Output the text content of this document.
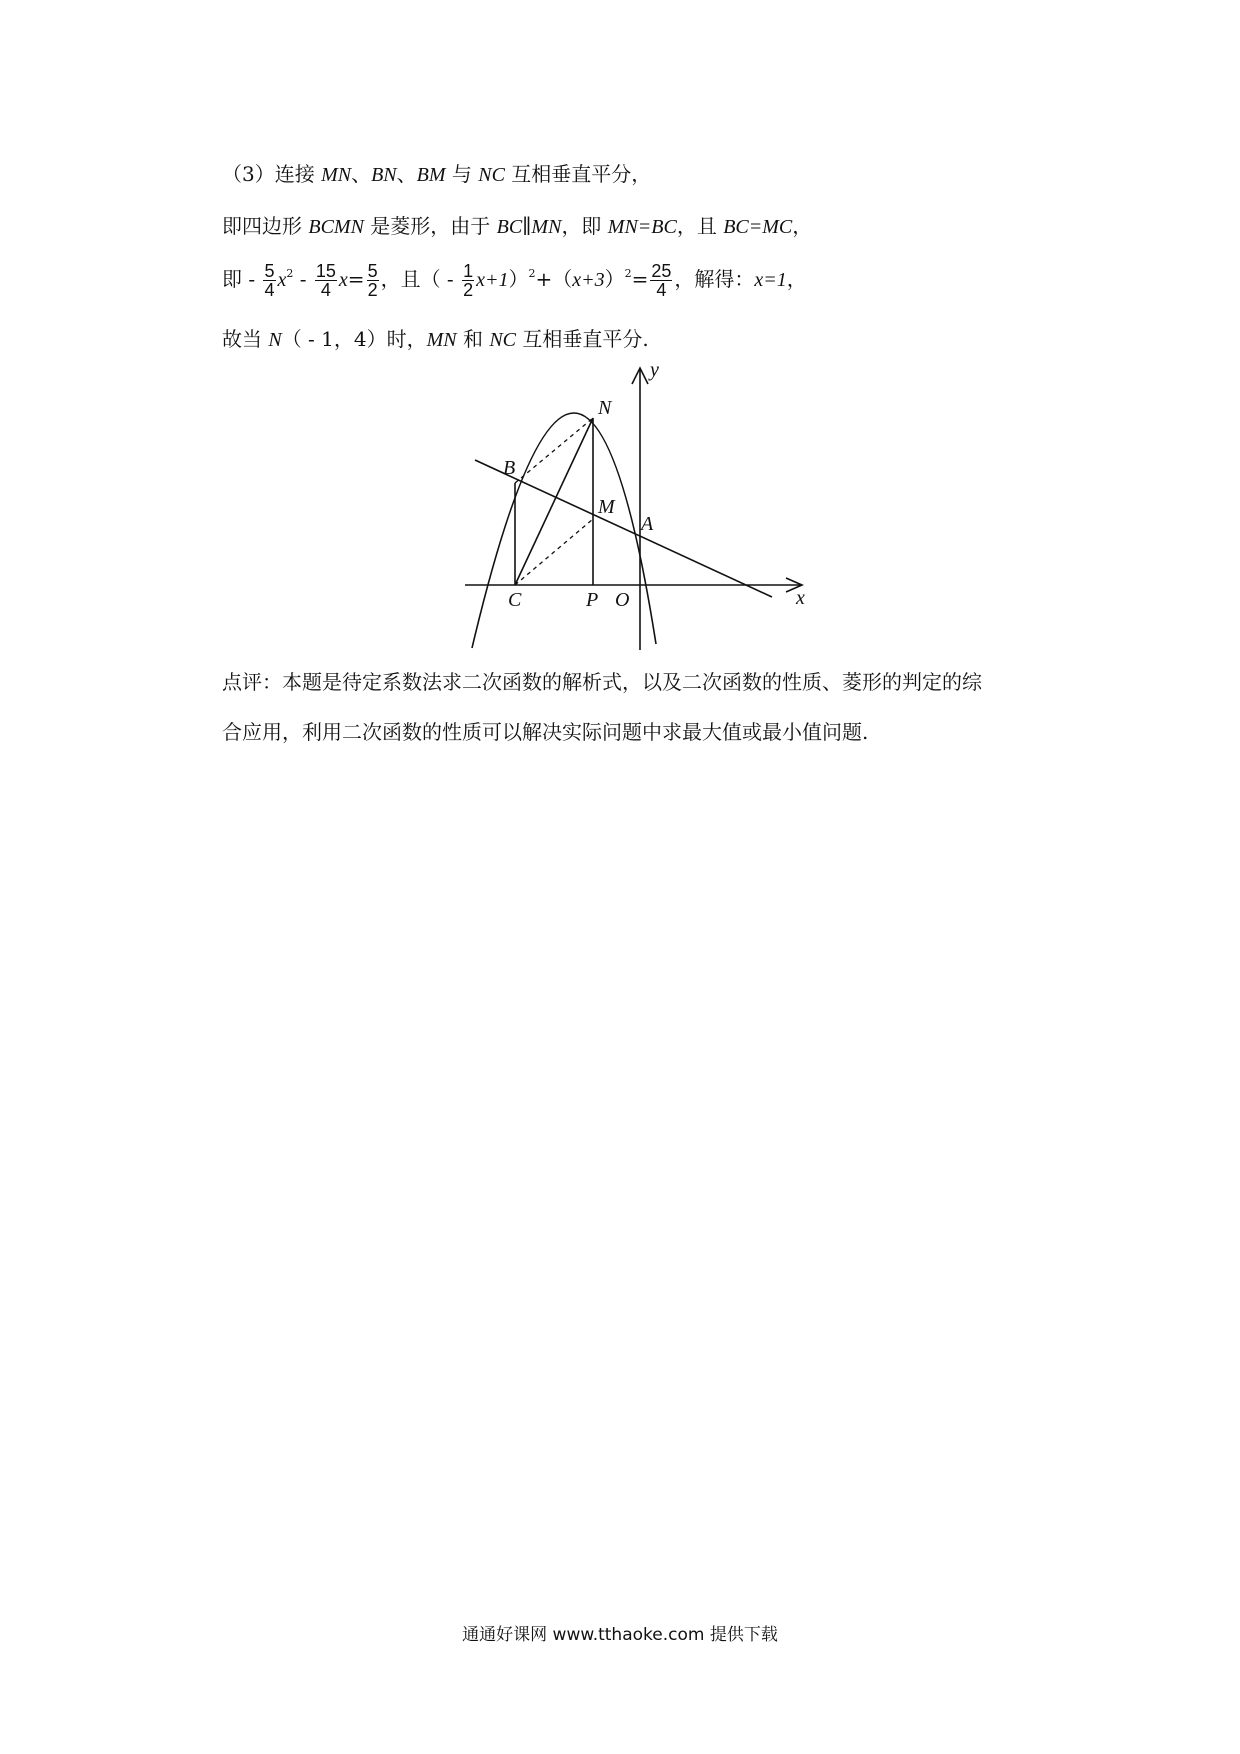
（3）连接 MN、BN、BM 与 NC 互相垂直平分，
即四边形 BCMN 是菱形，由于 BC∥MN，即 MN=BC，且 BC=MC，
即 - $\frac{5}{4} x^2 - \frac{15}{4} x= \frac{5}{2}$ ，且（ - $\frac{1}{2} x+1)^2+(x+3)^2= \frac{25}{4}$ ，解得：x=1，
故当 N（ - 1，4）时，MN 和 NC 互相垂直平分.
y
x
N
B
M
A
C	P O
点评：本题是待定系数法求二次函数的解析式，以及二次函数的性质、菱形的判定的综
合应用，利用二次函数的性质可以解决实际问题中求最大值或最小值问题.
通通好课网 www.tthaoke.com 提供下载
